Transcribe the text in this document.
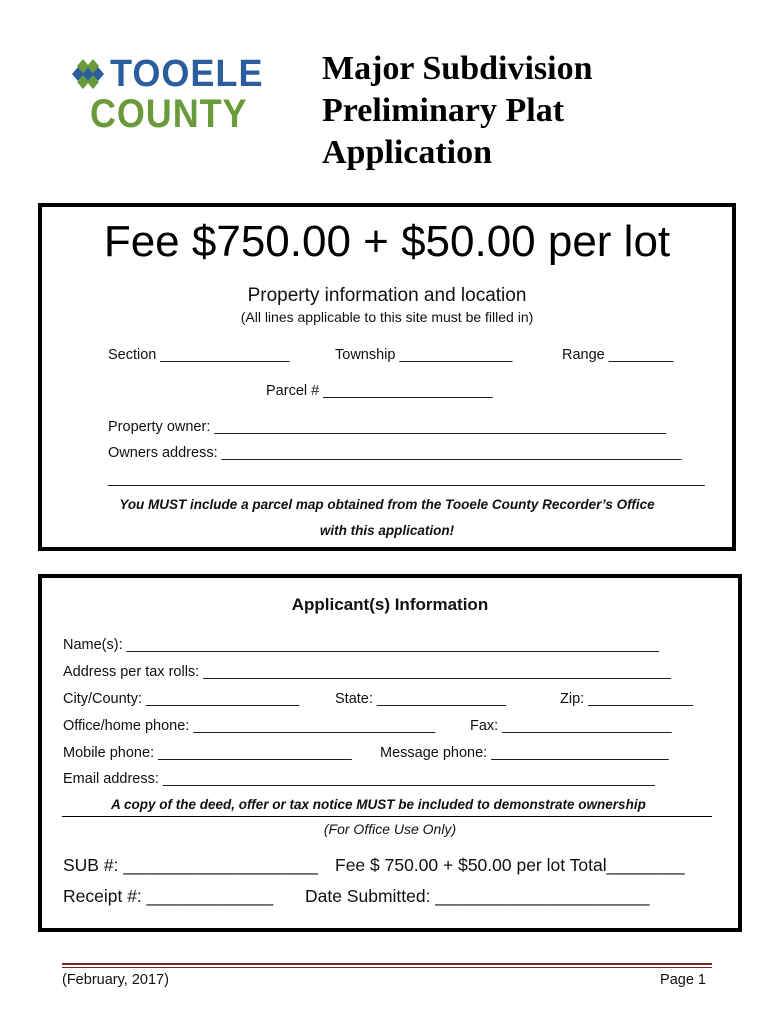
TOOELE
COUNTY
Major Subdivision
Preliminary Plat
Application
Fee $750.00 + $50.00 per lot
Property information and location
(All lines applicable to this site must be filled in)
Section ________________	Township ______________	Range ________
Parcel # _____________________
Property owner: ________________________________________________________
Owners address: _________________________________________________________
__________________________________________________________________________
You MUST include a parcel map obtained from the Tooele County Recorder’s Office
with this application!
Applicant(s) Information
Name(s): __________________________________________________________________
Address per tax rolls: __________________________________________________________
City/County: ___________________ State: ________________	Zip: _____________
Office/home phone: ______________________________ Fax: _____________________
Mobile phone: ________________________ Message phone: ______________________
Email address: _____________________________________________________________
A copy of the deed, offer or tax notice MUST be included to demonstrate ownership
(For Office Use Only)
SUB #: ____________________ Fee $ 750.00 + $50.00 per lot Total________
Receipt #: _____________ Date Submitted: ______________________
(February, 2017)	Page 1
